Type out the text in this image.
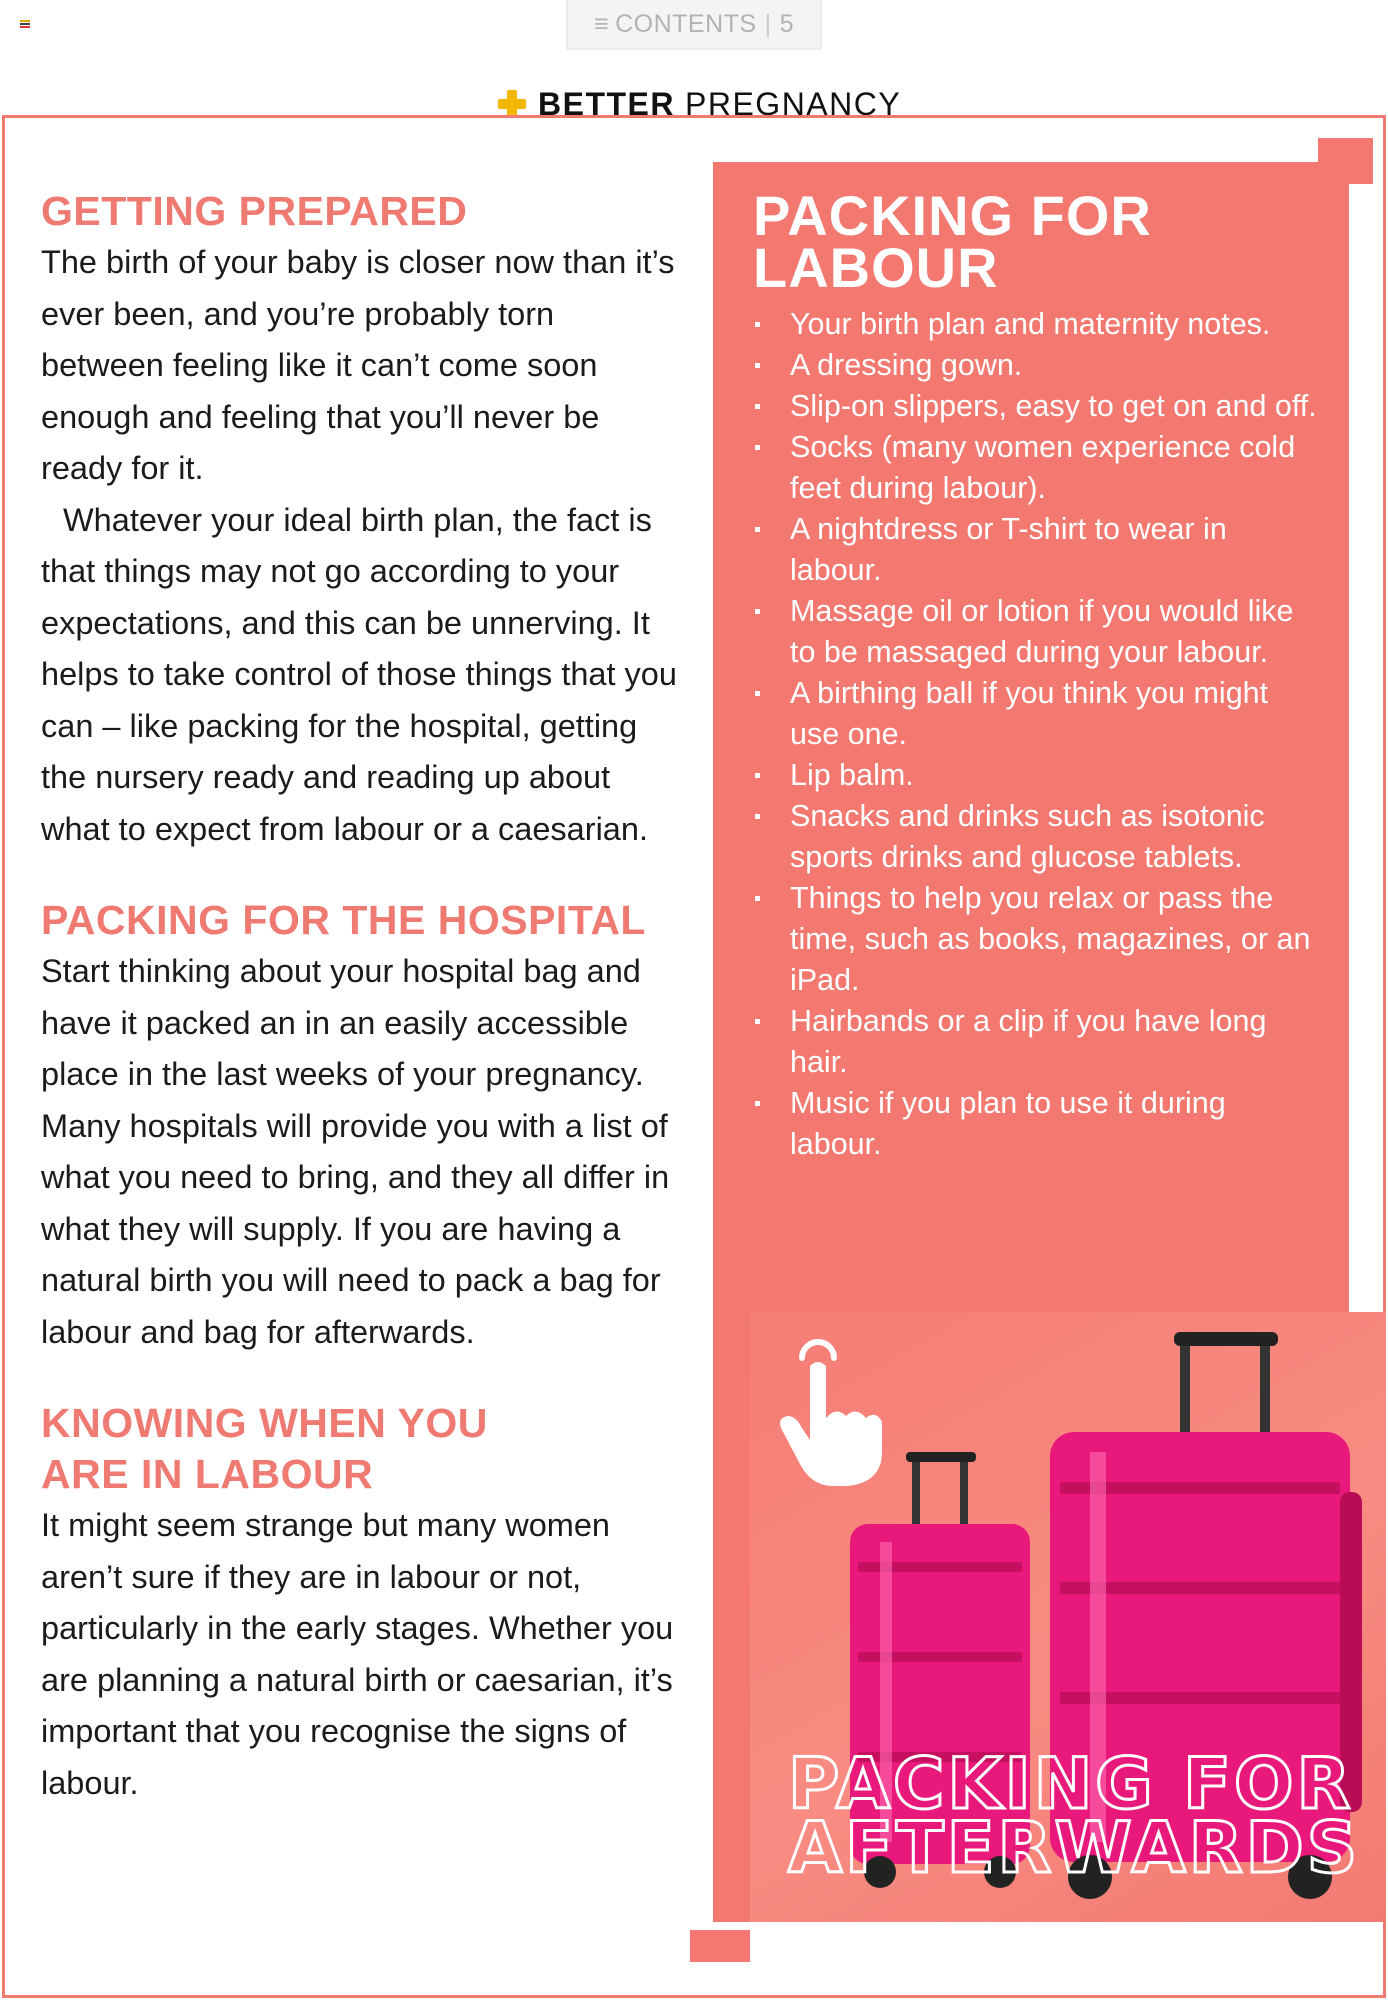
≡ CONTENTS | 5
BETTER PREGNANCY
GETTING PREPARED

The birth of your baby is closer now than it’s ever been, and you’re probably torn between feeling like it can’t come soon enough and feeling that you’ll never be ready for it.

Whatever your ideal birth plan, the fact is that things may not go according to your expectations, and this can be unnerving. It helps to take control of those things that you can – like packing for the hospital, getting the nursery ready and reading up about what to expect from labour or a caesarian.

PACKING FOR THE HOSPITAL

Start thinking about your hospital bag and have it packed an in an easily accessible place in the last weeks of your pregnancy. Many hospitals will provide you with a list of what you need to bring, and they all differ in what they will supply. If you are having a natural birth you will need to pack a bag for labour and bag for afterwards.

KNOWING WHEN YOU
ARE IN LABOUR

It might seem strange but many women aren’t sure if they are in labour or not, particularly in the early stages. Whether you are planning a natural birth or caesarian, it’s important that you recognise the signs of labour.

PACKING FOR
LABOUR
Your birth plan and maternity notes.
A dressing gown.
Slip-on slippers, easy to get on and off.
Socks (many women experience cold feet during labour).
A nightdress or T-shirt to wear in labour.
Massage oil or lotion if you would like to be massaged during your labour.
A birthing ball if you think you might use one.
Lip balm.
Snacks and drinks such as isotonic sports drinks and glucose tablets.
Things to help you relax or pass the time, such as books, magazines, or an iPad.
Hairbands or a clip if you have long hair.
Music if you plan to use it during labour.

PACKING FOR
AFTERWARDS
